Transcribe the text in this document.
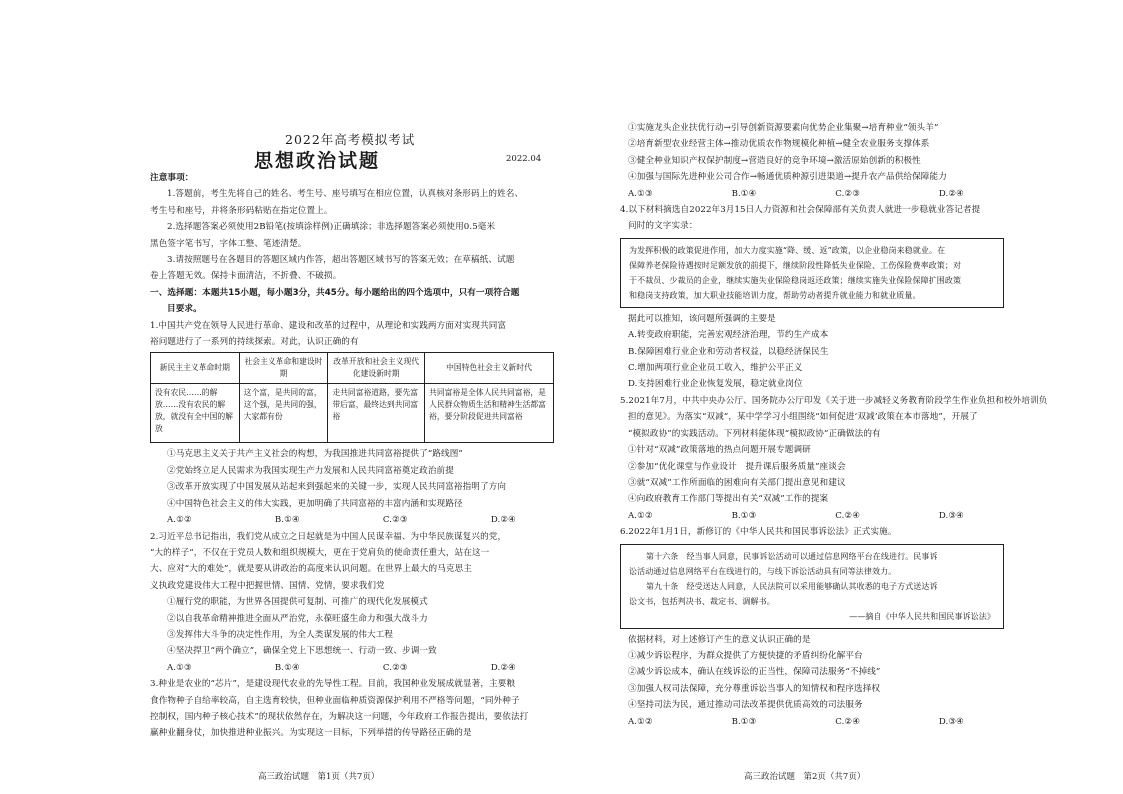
2022年高考模拟考试
思想政治试题	2022.04

注意事项：

1.答题前，考生先将自己的姓名、考生号、座号填写在相应位置，认真核对条形码上的姓名、

考生号和座号，并将条形码粘贴在指定位置上。

2.选择题答案必须使用2B铅笔(按填涂样例)正确填涂；非选择题答案必须使用0.5毫米

黑色签字笔书写，字体工整、笔迹清楚。

3.请按照题号在各题目的答题区域内作答，超出答题区域书写的答案无效；在草稿纸、试题

卷上答题无效。保持卡面清洁，不折叠、不破损。

一、选择题：本题共15小题，每小题3分，共45分。每小题给出的四个选项中，只有一项符合题

目要求。

1.中国共产党在领导人民进行革命、建设和改革的过程中，从理论和实践两方面对实现共同富

裕问题进行了一系列的持续探索。对此，认识正确的有

新民主主义革命时期	社会主义革命和建设时期	改革开放和社会主义现代化建设新时期	中国特色社会主义新时代
没有农民……的解放……没有农民的解放，就没有全中国的解放	这个富，是共同的富，这个强，是共同的强，大家都有份	走共同富裕道路，要先富带后富，最终达到共同富裕	共同富裕是全体人民共同富裕，是人民群众物质生活和精神生活都富裕，要分阶段促进共同富裕

①马克思主义关于共产主义社会的构想，为我国推进共同富裕提供了“路线图”

②党始终立足人民需求为我国实现生产力发展和人民共同富裕奠定政治前提

③改革开放实现了中国发展从站起来到强起来的关键一步，实现人民共同富裕指明了方向

④中国特色社会主义的伟大实践，更加明确了共同富裕的丰富内涵和实现路径

A.①②	B.①④	C.②③	D.②④

2.习近平总书记指出，我们党从成立之日起就是为中国人民谋幸福、为中华民族谋复兴的党，

“大的样子”，不仅在于党员人数和组织规模大，更在于党肩负的使命责任重大，站在这一

大、应对“大的难处”，就是要从讲政治的高度来认识问题。在世界上最大的马克思主

义执政党建设伟大工程中把握世情、国情、党情，要求我们党

①履行党的职能，为世界各国提供可复制、可推广的现代化发展模式

②以自我革命精神推进全面从严治党，永葆旺盛生命力和强大战斗力

③发挥伟大斗争的决定性作用，为全人类谋发展的伟大工程

④坚决捍卫“两个确立”，确保全党上下思想统一、行动一致、步调一致

A.①③	B.①④	C.②③	D.②④

3.种业是农业的“芯片”，是建设现代农业的先导性工程。目前，我国种业发展成就显著，主要粮

食作物种子自给率较高，自主选育较快，但种业面临种质资源保护利用不严格等问题，“同外种子

控制权，国内种子核心技术”的现状依然存在，为解决这一问题，今年政府工作报告提出，要依法打

赢种业翻身仗，加快推进种业振兴。为实现这一目标，下列举措的传导路径正确的是

高三政治试题　第1页（共7页）

①实施龙头企业扶优行动→引导创新资源要素向优势企业集聚→培育种业“领头羊”

②培育新型农业经营主体→推动优质农作物规模化种植→健全农业服务支撑体系

③健全种业知识产权保护制度→营造良好的竞争环境→激活原始创新的积极性

④加强与国际先进种业公司合作→畅通优质种源引进渠道→提升农产品供给保障能力

A.①③	B.①④	C.②③	D.②④

4.以下材料摘选自2022年3月15日人力资源和社会保障部有关负责人就进一步稳就业答记者提

问时的文字实录：

为发挥积极的政策促进作用，加大力度实施“降、缓、返”政策，以企业稳岗来稳就业。在

保障养老保险待遇按时足额发放的前提下，继续阶段性降低失业保险、工伤保险费率政策；对

于不裁员、少裁员的企业，继续实施失业保险稳岗返还政策；继续实施失业保险保障扩围政策

和稳岗支持政策，加大职业技能培训力度，帮助劳动者提升就业能力和就业质量。

据此可以推知，该问题所强调的主要是

A.转变政府职能，完善宏观经济治理，节约生产成本

B.保障困难行业企业和劳动者权益，以稳经济保民生

C.增加两项行业企业员工收入，维护公平正义

D.支持困难行业企业恢复发展，稳定就业岗位

5.2021年7月，中共中央办公厅、国务院办公厅印发《关于进一步减轻义务教育阶段学生作业负担和校外培训负

担的意见》。为落实“双减”，某中学学习小组围绕“如何促进‘双减’政策在本市落地”，开展了

“模拟政协”的实践活动。下列材料能体现“模拟政协”正确做法的有

①针对“双减”政策落地的热点问题开展专题调研

②参加“优化课堂与作业设计　提升课后服务质量”座谈会

③就“双减”工作所面临的困难向有关部门提出意见和建议

④向政府教育工作部门等提出有关“双减”工作的提案

A.①②	B.①③	C.②④	D.③④

6.2022年1月1日，新修订的《中华人民共和国民事诉讼法》正式实施。

第十六条　经当事人同意，民事诉讼活动可以通过信息网络平台在线进行。民事诉

讼活动通过信息网络平台在线进行的，与线下诉讼活动具有同等法律效力。

第九十条　经受送达人同意，人民法院可以采用能够确认其收悉的电子方式送达诉

讼文书，包括判决书、裁定书、调解书。

——摘自《中华人民共和国民事诉讼法》

依据材料，对上述修订产生的意义认识正确的是

①减少诉讼程序，为群众提供了方便快捷的矛盾纠纷化解平台

②减少诉讼成本，确认在线诉讼的正当性，保障司法服务“不掉线”

③加强人权司法保障，充分尊重诉讼当事人的知情权和程序选择权

④坚持司法为民，通过推动司法改革提供优质高效的司法服务

A.①②	B.①③	C.②④	D.③④
高三政治试题　第2页（共7页）
